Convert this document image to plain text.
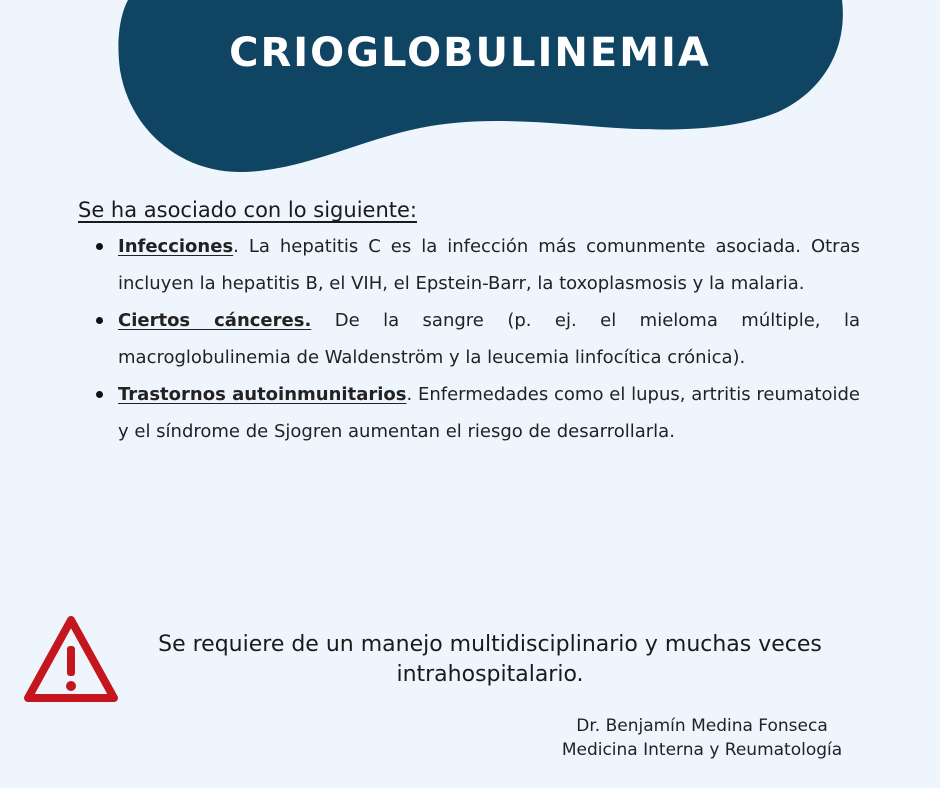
CRIOGLOBULINEMIA
Se ha asociado con lo siguiente:
Infecciones. La hepatitis C es la infección más comunmente asociada. Otras incluyen la hepatitis B, el VIH, el Epstein-Barr, la toxoplasmosis y la malaria.
Ciertos cánceres. De la sangre (p. ej. el mieloma múltiple, la macroglobulinemia de Waldenström y la leucemia linfocítica crónica).
Trastornos autoinmunitarios. Enfermedades como el lupus, artritis reumatoide y el síndrome de Sjogren aumentan el riesgo de desarrollarla.
Se requiere de un manejo multidisciplinario y muchas veces intrahospitalario.
Dr. Benjamín Medina Fonseca
Medicina Interna y Reumatología
